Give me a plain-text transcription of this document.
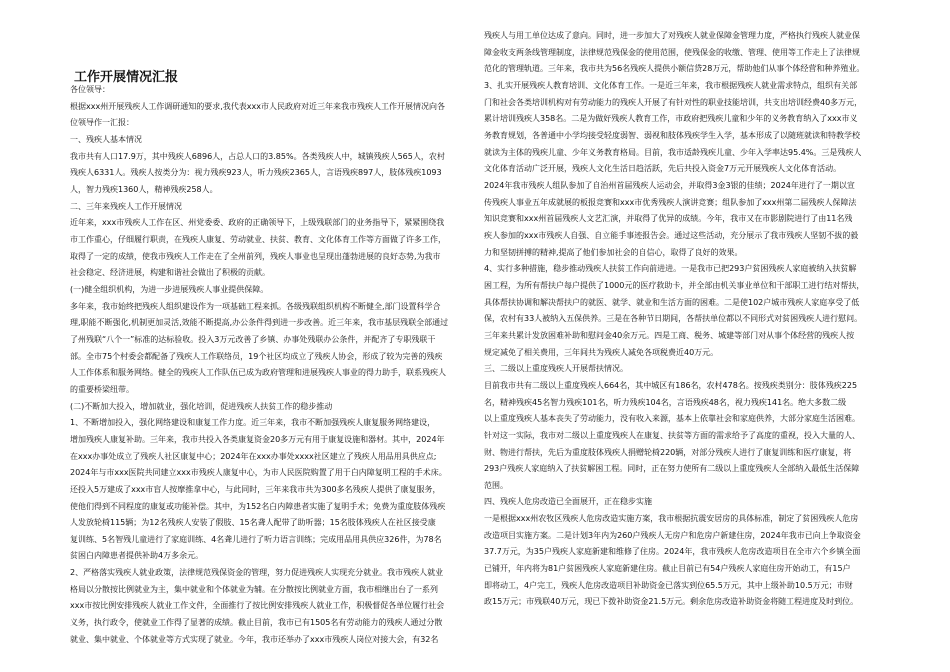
工作开展情况汇报
各位领导：
根据xxx州开展残疾人工作调研通知的要求,我代表xxx市人民政府对近三年来我市残疾人工作开展情况向各
位领导作一汇报：
一、残疾人基本情况
我市共有人口17.9万，其中残疾人6896人，占总人口的3.85%。各类残疾人中，城镇残疾人565人，农村
残疾人6331人。残疾人按类分为：视力残疾923人，听力残疾2365人，言语残疾897人，肢体残疾1093
人，智力残疾1360人，精神残疾258人。
二、三年来残疾人工作开展情况
近年来，xxx市残疾人工作在区、州党委委、政府的正确领导下，上级残联部门的业务指导下，紧紧围绕我
市工作重心，仔细履行职责，在残疾人康复、劳动就业、扶贫、教育、文化体育工作等方面做了许多工作，
取得了一定的成绩，使我市残疾人工作走在了全州前列，残疾人事业也呈现出蓬勃进展的良好态势,为我市
社会稳定、经济进展，构建和谐社会做出了积极的贡献。
(一)健全组织机构，为进一步进展残疾人事业提供保障。
多年来，我市始终把残疾人组织建设作为一项基础工程来抓。各级残联组织机构不断健全,部门设置科学合
理,职能不断强化,机制更加灵活,效能不断提高,办公条件得到进一步改善。近三年来，我市基层残联全部通过
了州残联“八个一”标准的达标验收。投入3万元改善了乡镇、办事处残联办公条件，并配齐了专职残联干
部。全市75个村委会都配备了残疾人工作联络员，19个社区均成立了残疾人协会，形成了较为完善的残疾
人工作体系和服务网络。健全的残疾人工作队伍已成为政府管理和进展残疾人事业的得力助手，联系残疾人
的重要桥梁纽带。
(二)不断加大投入，增加就业，强化培训，促进残疾人扶贫工作的稳步推动
1、不断增加投入，强化网络建设和康复工作力度。近三年来，我市不断加强残疾人康复服务网络建设，
增加残疾人康复补助。三年来，我市共投入各类康复资金20多万元有用于康复设施和器材。其中，2024年
在xxx办事处成立了残疾人社区康复中心；2024年在xxx办事处xxxx社区建立了残疾人用品用具供应点;
2024年与市xxx医院共同建立xxx市残疾人康复中心，为市人民医院购置了用于白内障复明工程的手术床。
还投入5万建成了xxx市盲人按摩推拿中心，与此同时，三年来我市共为300多名残疾人提供了康复服务，
使他们得到不同程度的康复或功能补偿。其中，为152名白内障患者实施了复明手术；免费为重度肢体残疾
人发放轮椅115辆；为12名残疾人安装了假肢、15名聋人配带了助听器；15名肢体残疾人在社区接受康
复训练、5名智残儿童进行了家庭训练、4名聋儿进行了听力语言训练；完成用品用具供应326件，为78名
贫困白内障患者提供补助4万多余元。
2、严格落实残疾人就业政策，法律规范残保资金的管理，努力促进残疾人实现充分就业。我市残疾人就业
格局以分散按比例就业为主，集中就业和个体就业为辅。在分散按比例就业方面，我市相继出台了一系列
xxx市按比例安排残疾人就业工作文件，全面推行了按比例安排残疾人就业工作，积极督促各单位履行社会
义务，执行政令，使就业工作得了显著的成绩。截止目前，我市已有1505名有劳动能力的残疾人通过分散
就业、集中就业、个体就业等方式实现了就业。今年，我市还举办了xxx市残疾人岗位对接大会，有32名
残疾人与用工单位达成了意向。同时，进一步加大了对残疾人就业保障金管理力度，严格执行残疾人就业保
障金收支两条线管理制度，法律规范残保金的使用范围，使残保金的收缴、管理、使用等工作走上了法律规
范化的管理轨道。三年来，我市共为56名残疾人提供小额信贷28万元，帮助他们从事个体经营和种养殖业。
3、扎实开展残疾人教育培训、文化体育工作。一是近三年来，我市根据残疾人就业需求特点，组织有关部
门和社会各类培训机构对有劳动能力的残疾人开展了有针对性的职业技能培训，共支出培训经费40多万元，
累计培训残疾人358名。二是为做好残疾人教育工作，市政府把残疾儿童和少年的义务教育纳入了xxx市义
务教育规划，各普通中小学均接受轻度弱智、弱视和肢体残疾学生入学，基本形成了以随班就读和特教学校
就读为主体的残疾儿童、少年义务教育格局。目前，我市适龄残疾儿童、少年入学率达95.4%。三是残疾人
文化体育活动广泛开展，残疾人文化生活日趋活跃，先后共投入资金7万元开展残疾人文化体育活动。
2024年我市残疾人组队参加了自治州首届残疾人运动会，并取得3金3银的佳绩；2024年进行了一期以宣
传残疾人事业五年成就展的板报竞赛和xxx市优秀残疾人演讲竞赛；组队参加了xxx州第二届残疾人保障法
知识竞赛和xxx州首届残疾人文艺汇演，并取得了优异的成绩。今年，我市又在市影剧院进行了由11名残
疾人参加的xxx市残疾人自强、自立能手事迹报告会。通过这些活动，充分展示了我市残疾人坚韧不拔的毅
力和坚韧拼搏的精神,提高了他们参加社会的自信心，取得了良好的效果。
4、实行多种措施，稳步推动残疾人扶贫工作向前进进。一是我市已把293户贫困残疾人家庭被纳入扶贫解
困工程，为所有帮扶户每户提供了1000元的医疗救助卡，并全部由机关事业单位和干部职工进行结对帮扶，
具体帮扶协调和解决帮扶户的就医、就学、就业和生活方面的困难。二是使102户城市残疾人家庭享受了低
保，农村有33人被纳入五保供养。三是在各种节日期间，各帮扶单位都以不同形式对贫困残疾人进行慰问。
三年来共累计发放困难补助和慰问金40余万元。四是工商、税务、城建等部门对从事个体经营的残疾人按
规定减免了相关费用，三年间共为残疾人减免各项税费近40万元。
三、二级以上重度残疾人开展帮扶情况。
目前我市共有二级以上重度残疾人664名，其中城区有186名，农村478名。按残疾类别分：肢体残疾225
名，精神残疾45名智力残疾101名，听力残疾104名，言语残疾48名，视力残疾141名。绝大多数二级
以上重度残疾人基本丧失了劳动能力，没有收入来源，基本上依靠社会和家庭供养，大部分家庭生活困难。
针对这一实际，我市对二级以上重度残疾人在康复、扶贫等方面的需求给予了高度的重视，投入大量的人、
财、物进行帮扶，先后为重度肢体残疾人捐赠轮椅220辆，对部分残疾人进行了康复训练和医疗康复，将
293户残疾人家庭纳入了扶贫解困工程。同时，正在努力使所有二级以上重度残疾人全部纳入最低生活保障
范围。
四、残疾人危房改造已全面展开，正在稳步实施
一是根据xxx州农牧区残疾人危房改造实施方案，我市根据抗震安居房的具体标准，制定了贫困残疾人危房
改造项目实施方案。二是计划3年内为260户残疾人无房户和危房户新建住房，2024年我市已向上争取资金
37.7万元，为35户残疾人家庭新建和维修了住房。2024年，我市残疾人危房改造项目在全市六个乡镇全面
已铺开，年内将为81户贫困残疾人家庭新建住房。截止目前已有54户残疾人家庭住房开始动工，有15户
即将动工，4户完工，残疾人危房改造项目补助资金已落实到位65.5万元，其中上级补助10.5万元；市财
政15万元；市残联40万元，现已下拨补助资金21.5万元。剩余危房改造补助资金将随工程进度及时到位。
